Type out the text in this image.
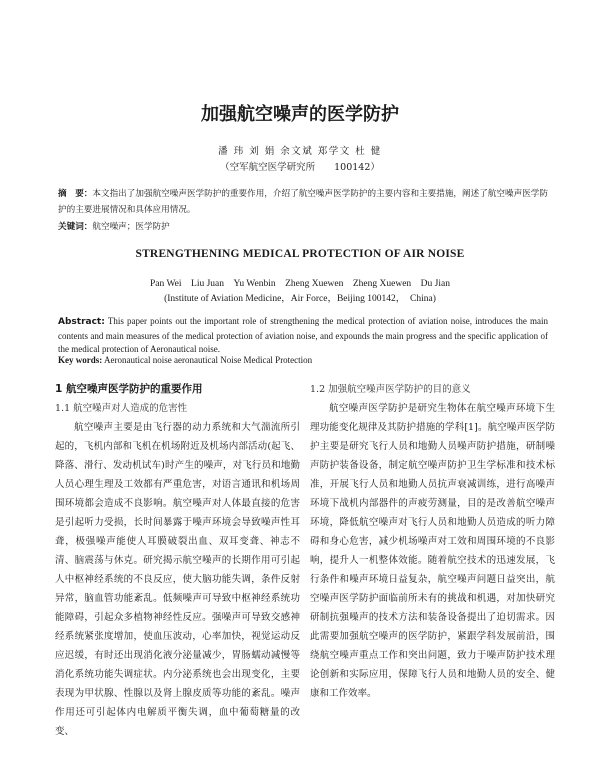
加强航空噪声的医学防护
潘 玮 刘 娟 余文斌 郑学文 杜 健
（空军航空医学研究所　　100142）
摘　要：本文指出了加强航空噪声医学防护的重要作用，介绍了航空噪声医学防护的主要内容和主要措施，阐述了航空噪声医学防护的主要进展情况和具体应用情况。
关键词：航空噪声；医学防护
STRENGTHENING MEDICAL PROTECTION OF AIR NOISE
Pan Wei　Liu Juan　Yu Wenbin　Zheng Xuewen　Zheng Xuewen　Du Jian
(Institute of Aviation Medicine，Air Force，Beijing 100142，　China)
Abstract: This paper points out the important role of strengthening the medical protection of aviation noise, introduces the main contents and main measures of the medical protection of aviation noise, and expounds the main progress and the specific application of the medical protection of Aeronautical noise.
Key words: Aeronautical noise aeronautical Noise Medical Protection
1 航空噪声医学防护的重要作用
1.1 航空噪声对人造成的危害性

航空噪声主要是由飞行器的动力系统和大气湍流所引起的，飞机内部和飞机在机场附近及机场内部活动(起飞、降落、滑行、发动机试车)时产生的噪声，对飞行员和地勤人员心理生理及工效都有严重危害，对语言通讯和机场周围环境都会造成不良影响。航空噪声对人体最直接的危害是引起听力受损，长时间暴露于噪声环境会导致噪声性耳聋，极强噪声能使人耳膜破裂出血、双耳变聋、神志不清、脑震荡与休克。研究揭示航空噪声的长期作用可引起人中枢神经系统的不良反应，使大脑功能失调，条件反射异常，脑血管功能紊乱。低频噪声可导致中枢神经系统功能障碍，引起众多植物神经性反应。强噪声可导致交感神经系统紧张度增加，使血压波动，心率加快，视觉运动反应迟缓，有时还出现消化液分泌量减少，胃肠蠕动减慢等消化系统功能失调症状。内分泌系统也会出现变化，主要表现为甲状腺、性腺以及肾上腺皮质等功能的紊乱。噪声作用还可引起体内电解质平衡失调，血中葡萄糖量的改变、

1.2 加强航空噪声医学防护的目的意义

航空噪声医学防护是研究生物体在航空噪声环境下生理功能变化规律及其防护措施的学科[1]。航空噪声医学防护主要是研究飞行人员和地勤人员噪声防护措施，研制噪声防护装备设备，制定航空噪声防护卫生学标准和技术标准，开展飞行人员和地勤人员抗声衰减训练，进行高噪声环境下战机内部器件的声疲劳测量，目的是改善航空噪声环境，降低航空噪声对飞行人员和地勤人员造成的听力障碍和身心危害，减少机场噪声对工效和周围环境的不良影响，提升人一机整体效能。随着航空技术的迅速发展，飞行条件和噪声环境日益复杂，航空噪声问题日益突出，航空噪声医学防护面临前所未有的挑战和机遇，对加快研究研制抗强噪声的技术方法和装备设备提出了迫切需求。因此需要加强航空噪声的医学防护，紧跟学科发展前沿，围绕航空噪声重点工作和突出问题，致力于噪声防护技术理论创新和实际应用，保障飞行人员和地勤人员的安全、健康和工作效率。
